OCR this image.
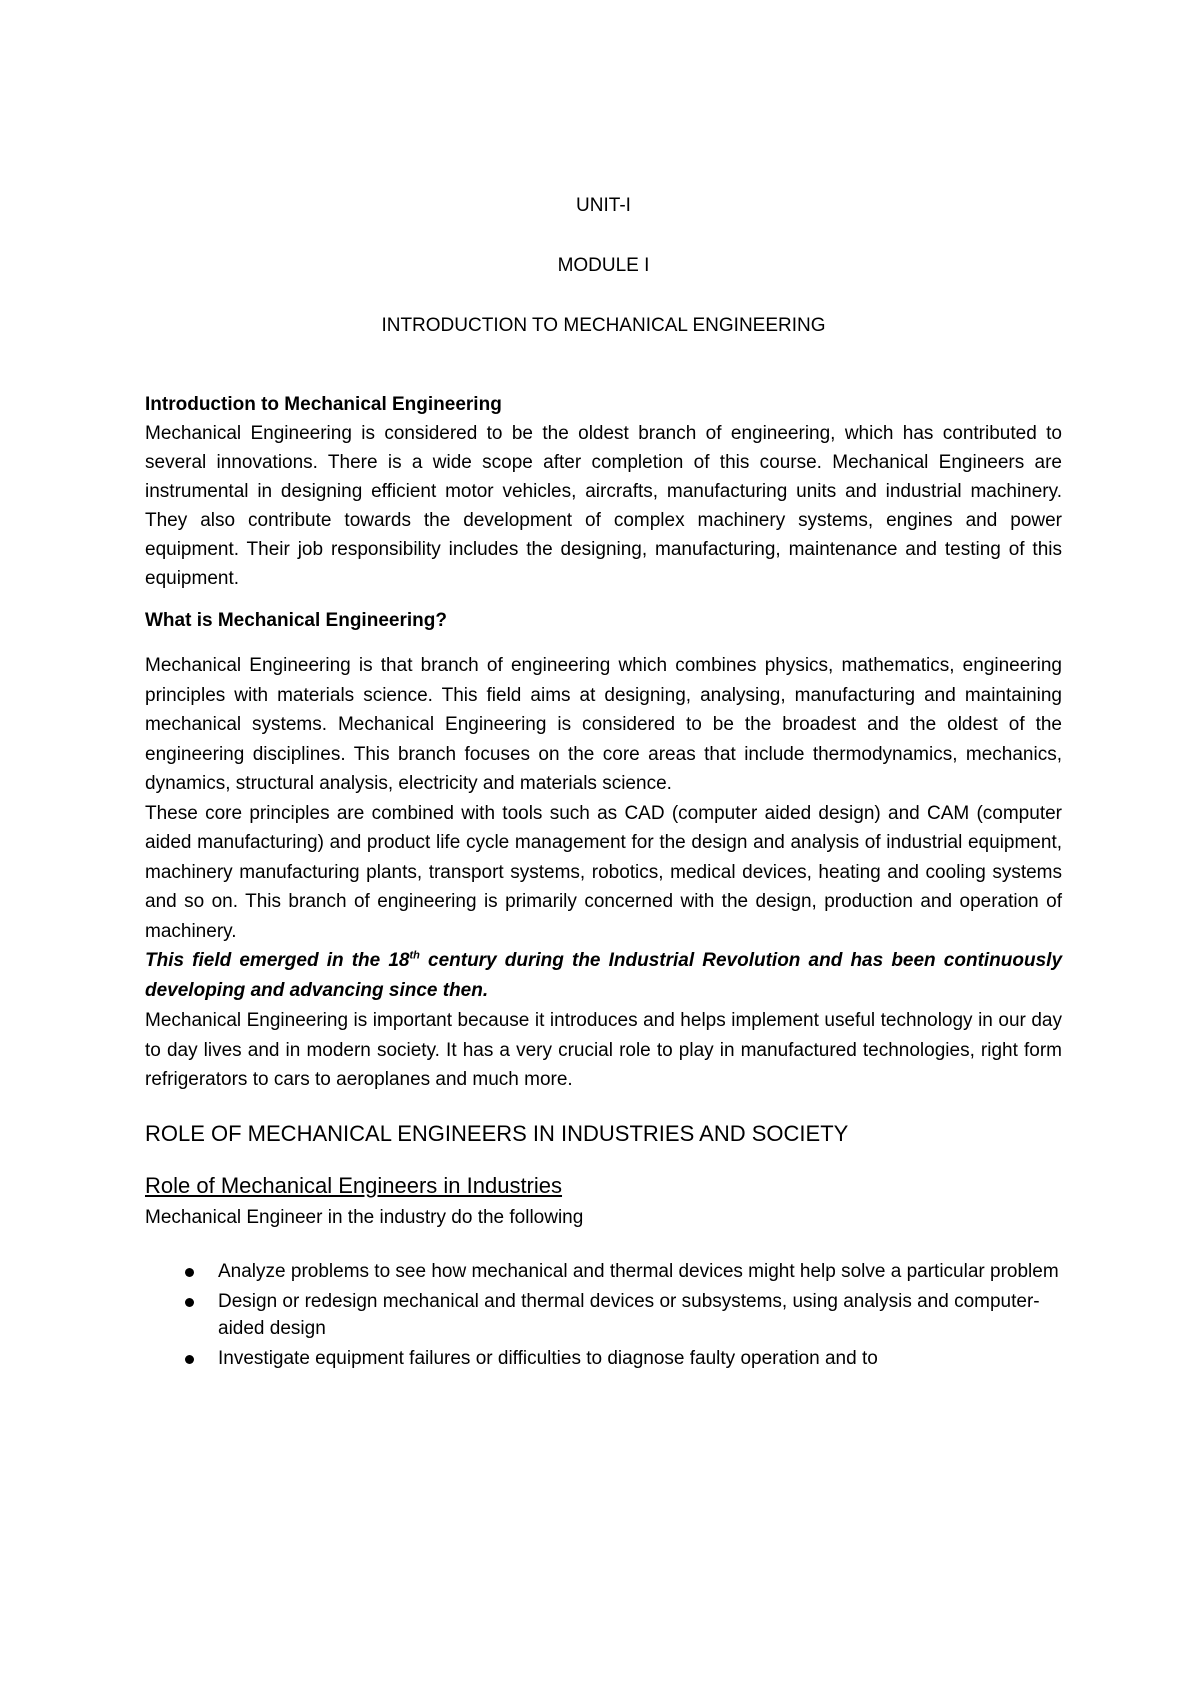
UNIT-I

MODULE I

INTRODUCTION TO MECHANICAL ENGINEERING

Introduction to Mechanical Engineering

Mechanical Engineering is considered to be the oldest branch of engineering, which has contributed to several innovations. There is a wide scope after completion of this course. Mechanical Engineers are instrumental in designing efficient motor vehicles, aircrafts, manufacturing units and industrial machinery. They also contribute towards the development of complex machinery systems, engines and power equipment. Their job responsibility includes the designing, manufacturing, maintenance and testing of this equipment.

What is Mechanical Engineering?

Mechanical Engineering is that branch of engineering which combines physics, mathematics, engineering principles with materials science. This field aims at designing, analysing, manufacturing and maintaining mechanical systems. Mechanical Engineering is considered to be the broadest and the oldest of the engineering disciplines. This branch focuses on the core areas that include thermodynamics, mechanics, dynamics, structural analysis, electricity and materials science.

These core principles are combined with tools such as CAD (computer aided design) and CAM (computer aided manufacturing) and product life cycle management for the design and analysis of industrial equipment, machinery manufacturing plants, transport systems, robotics, medical devices, heating and cooling systems and so on. This branch of engineering is primarily concerned with the design, production and operation of machinery.

This field emerged in the 18th century during the Industrial Revolution and has been continuously developing and advancing since then.

Mechanical Engineering is important because it introduces and helps implement useful technology in our day to day lives and in modern society. It has a very crucial role to play in manufactured technologies, right form refrigerators to cars to aeroplanes and much more.

ROLE OF MECHANICAL ENGINEERS IN INDUSTRIES AND SOCIETY

Role of Mechanical Engineers in Industries

Mechanical Engineer in the industry do the following

Analyze problems to see how mechanical and thermal devices might help solve a particular problem
Design or redesign mechanical and thermal devices or subsystems, using analysis and computer-aided design
Investigate equipment failures or difficulties to diagnose faulty operation and to
